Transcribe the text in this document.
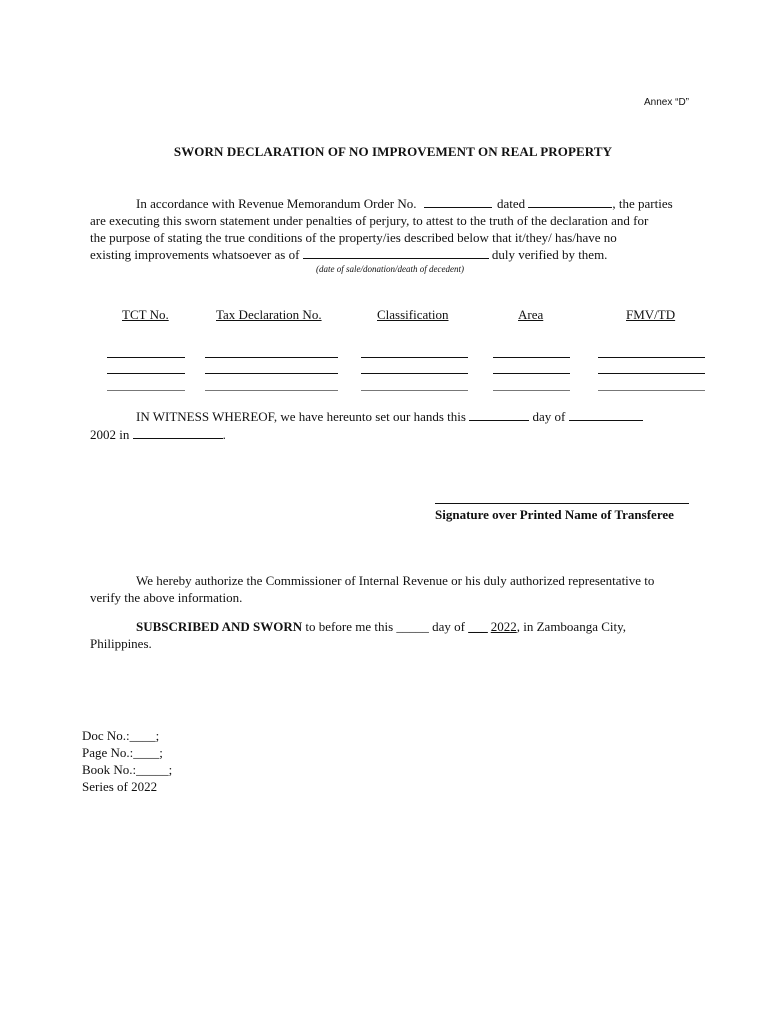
Annex “D”
SWORN DECLARATION OF NO IMPROVEMENT ON REAL PROPERTY
In accordance with Revenue Memorandum Order No.	dated	, the parties
are executing this sworn statement under penalties of perjury, to attest to the truth of the declaration and for
the purpose of stating the true conditions of the property/ies described below that it/they/ has/have no
existing improvements whatsoever as of	duly verified by them.
(date of sale/donation/death of decedent)
TCT No.	Tax Declaration No.	Classification	Area	FMV/TD
IN WITNESS WHEREOF, we have hereunto set our hands this	day of
2002 in	.
Signature over Printed Name of Transferee
We hereby authorize the Commissioner of Internal Revenue or his duly authorized representative to
verify the above information.
SUBSCRIBED AND SWORN to before me this _____ day of ___ 2022, in Zamboanga City,
Philippines.
Doc No.:____;
Page No.:____;
Book No.:_____;
Series of 2022
